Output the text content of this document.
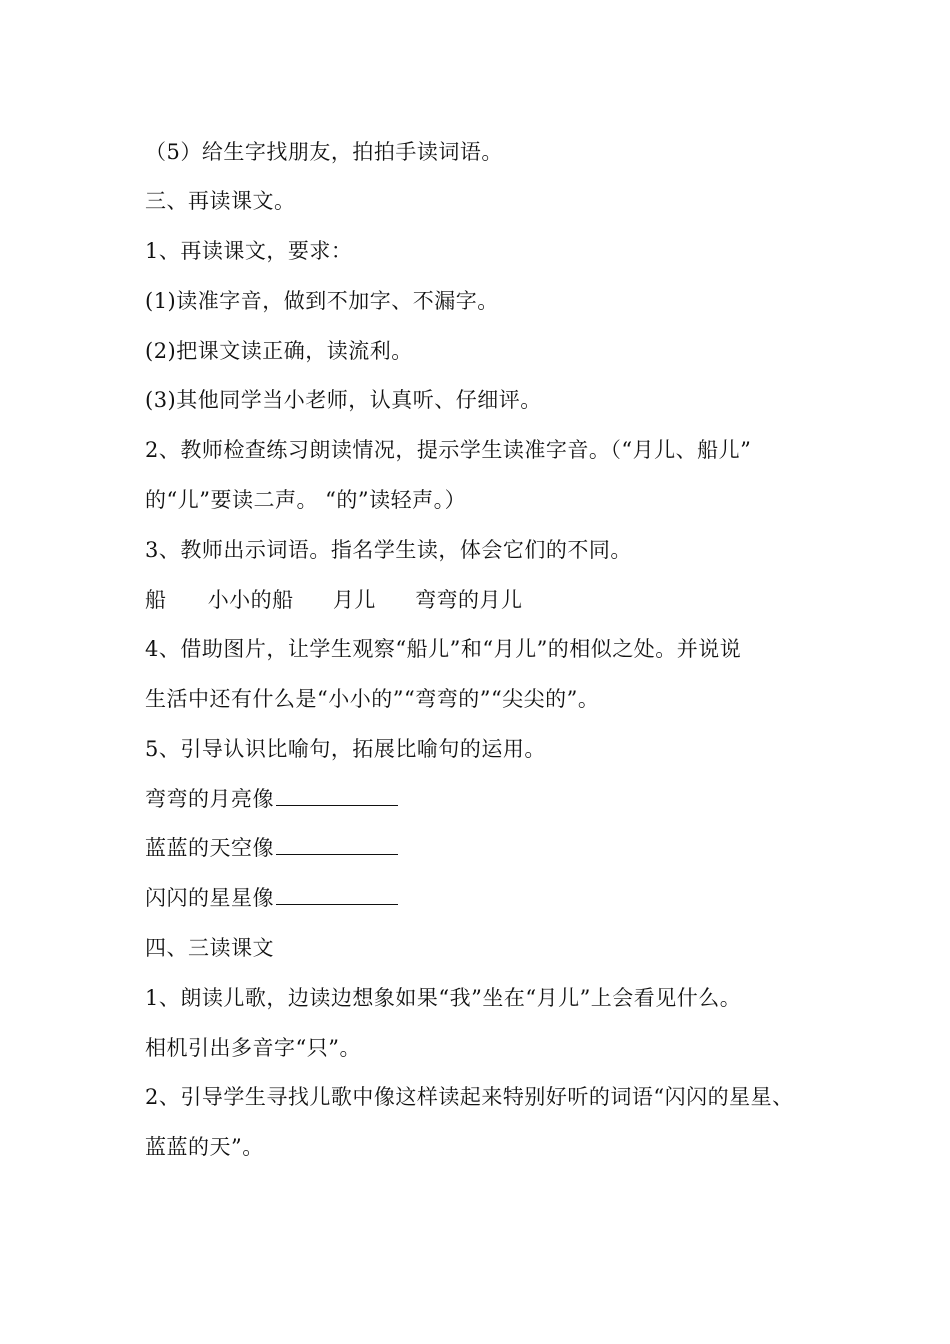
（5）给生字找朋友，拍拍手读词语。
三、再读课文。
1、再读课文，要求：
(1)读准字音，做到不加字、不漏字。
(2)把课文读正确，读流利。
(3)其他同学当小老师，认真听、仔细评。
2、教师检查练习朗读情况，提示学生读准字音。（“月儿、船儿”
的“儿”要读二声。 “的”读轻声。）
3、教师出示词语。指名学生读，体会它们的不同。
船 小小的船 月儿 弯弯的月儿
4、借助图片，让学生观察“船儿”和“月儿”的相似之处。并说说
生活中还有什么是“小小的”“弯弯的”“尖尖的”。
5、引导认识比喻句，拓展比喻句的运用。
弯弯的月亮像
蓝蓝的天空像
闪闪的星星像
四、三读课文
1、朗读儿歌，边读边想象如果“我”坐在“月儿”上会看见什么。
相机引出多音字“只”。
2、引导学生寻找儿歌中像这样读起来特别好听的词语“闪闪的星星、
蓝蓝的天”。
